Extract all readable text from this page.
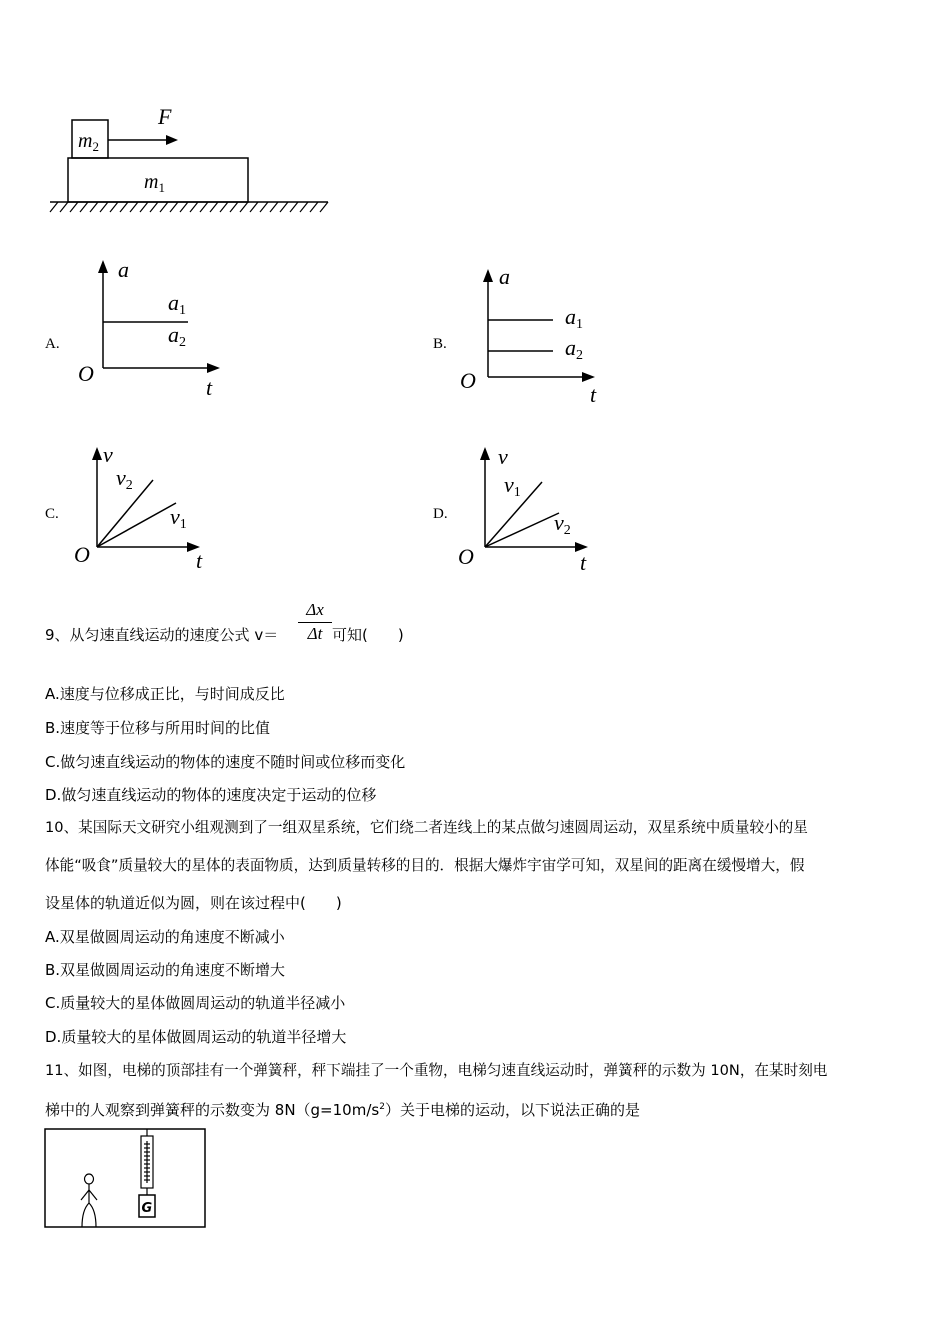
$m_2$
$m_1$
F
A.
a
O
t
a1
a2	B.
a
O
t
a1
a2
C.
v
O	t
v2
v1
D.
v
O	t
v1
v2
9、从匀速直线运动的速度公式 v＝
Δx
Δt 可知(　　)
A.速度与位移成正比，与时间成反比
B.速度等于位移与所用时间的比值
C.做匀速直线运动的物体的速度不随时间或位移而变化
D.做匀速直线运动的物体的速度决定于运动的位移
10、某国际天文研究小组观测到了一组双星系统，它们绕二者连线上的某点做匀速圆周运动，双星系统中质量较小的星
体能“吸食”质量较大的星体的表面物质，达到质量转移的目的．根据大爆炸宇宙学可知，双星间的距离在缓慢增大，假
设星体的轨道近似为圆，则在该过程中(　　)
A.双星做圆周运动的角速度不断减小
B.双星做圆周运动的角速度不断增大
C.质量较大的星体做圆周运动的轨道半径减小
D.质量较大的星体做圆周运动的轨道半径增大
11、如图，电梯的顶部挂有一个弹簧秤，秤下端挂了一个重物，电梯匀速直线运动时，弹簧秤的示数为 10N，在某时刻电
梯中的人观察到弹簧秤的示数变为 $8N(g=10m/s^2)$关于电梯的运动，以下说法正确的是
G
